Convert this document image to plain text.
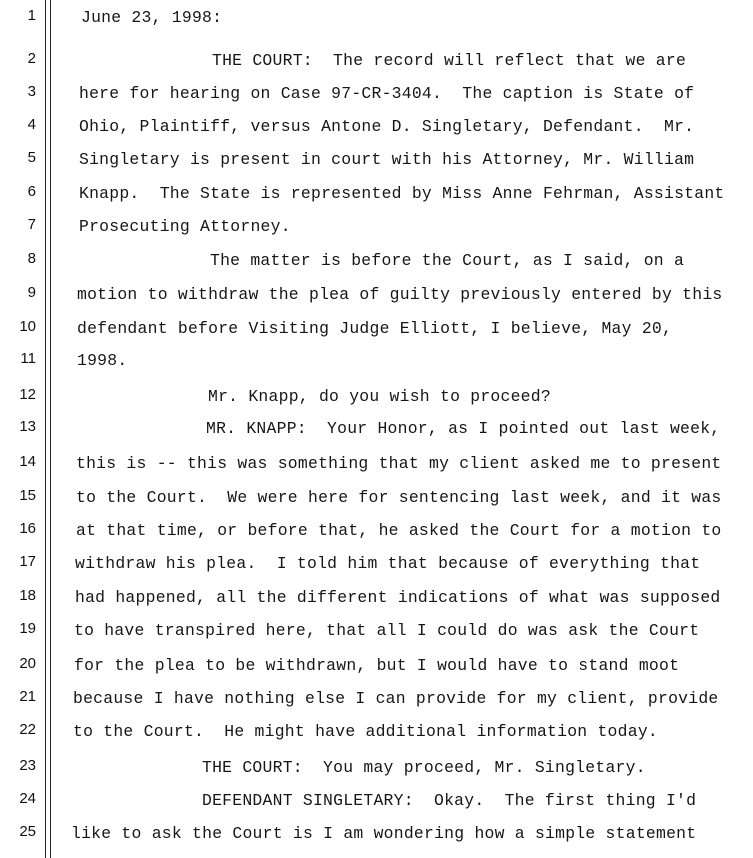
1	June 23, 1998:
2	THE COURT:  The record will reflect that we are
3	here for hearing on Case 97-CR-3404.  The caption is State of
4	Ohio, Plaintiff, versus Antone D. Singletary, Defendant.  Mr.
5	Singletary is present in court with his Attorney, Mr. William
6	Knapp.  The State is represented by Miss Anne Fehrman, Assistant
7	Prosecuting Attorney.
8	The matter is before the Court, as I said, on a
9	motion to withdraw the plea of guilty previously entered by this
10	defendant before Visiting Judge Elliott, I believe, May 20,
11	1998.
12	Mr. Knapp, do you wish to proceed?
13	MR. KNAPP:  Your Honor, as I pointed out last week,
14 this is -- this was something that my client asked me to present
15 to the Court.  We were here for sentencing last week, and it was
16 at that time, or before that, he asked the Court for a motion to
17 withdraw his plea.  I told him that because of everything that
18 had happened, all the different indications of what was supposed
19 to have transpired here, that all I could do was ask the Court
20 for the plea to be withdrawn, but I would have to stand moot
21 because I have nothing else I can provide for my client, provide
22 to the Court.  He might have additional information today.
23	THE COURT:  You may proceed, Mr. Singletary.
24	DEFENDANT SINGLETARY:  Okay.  The first thing I'd
25 like to ask the Court is I am wondering how a simple statement
